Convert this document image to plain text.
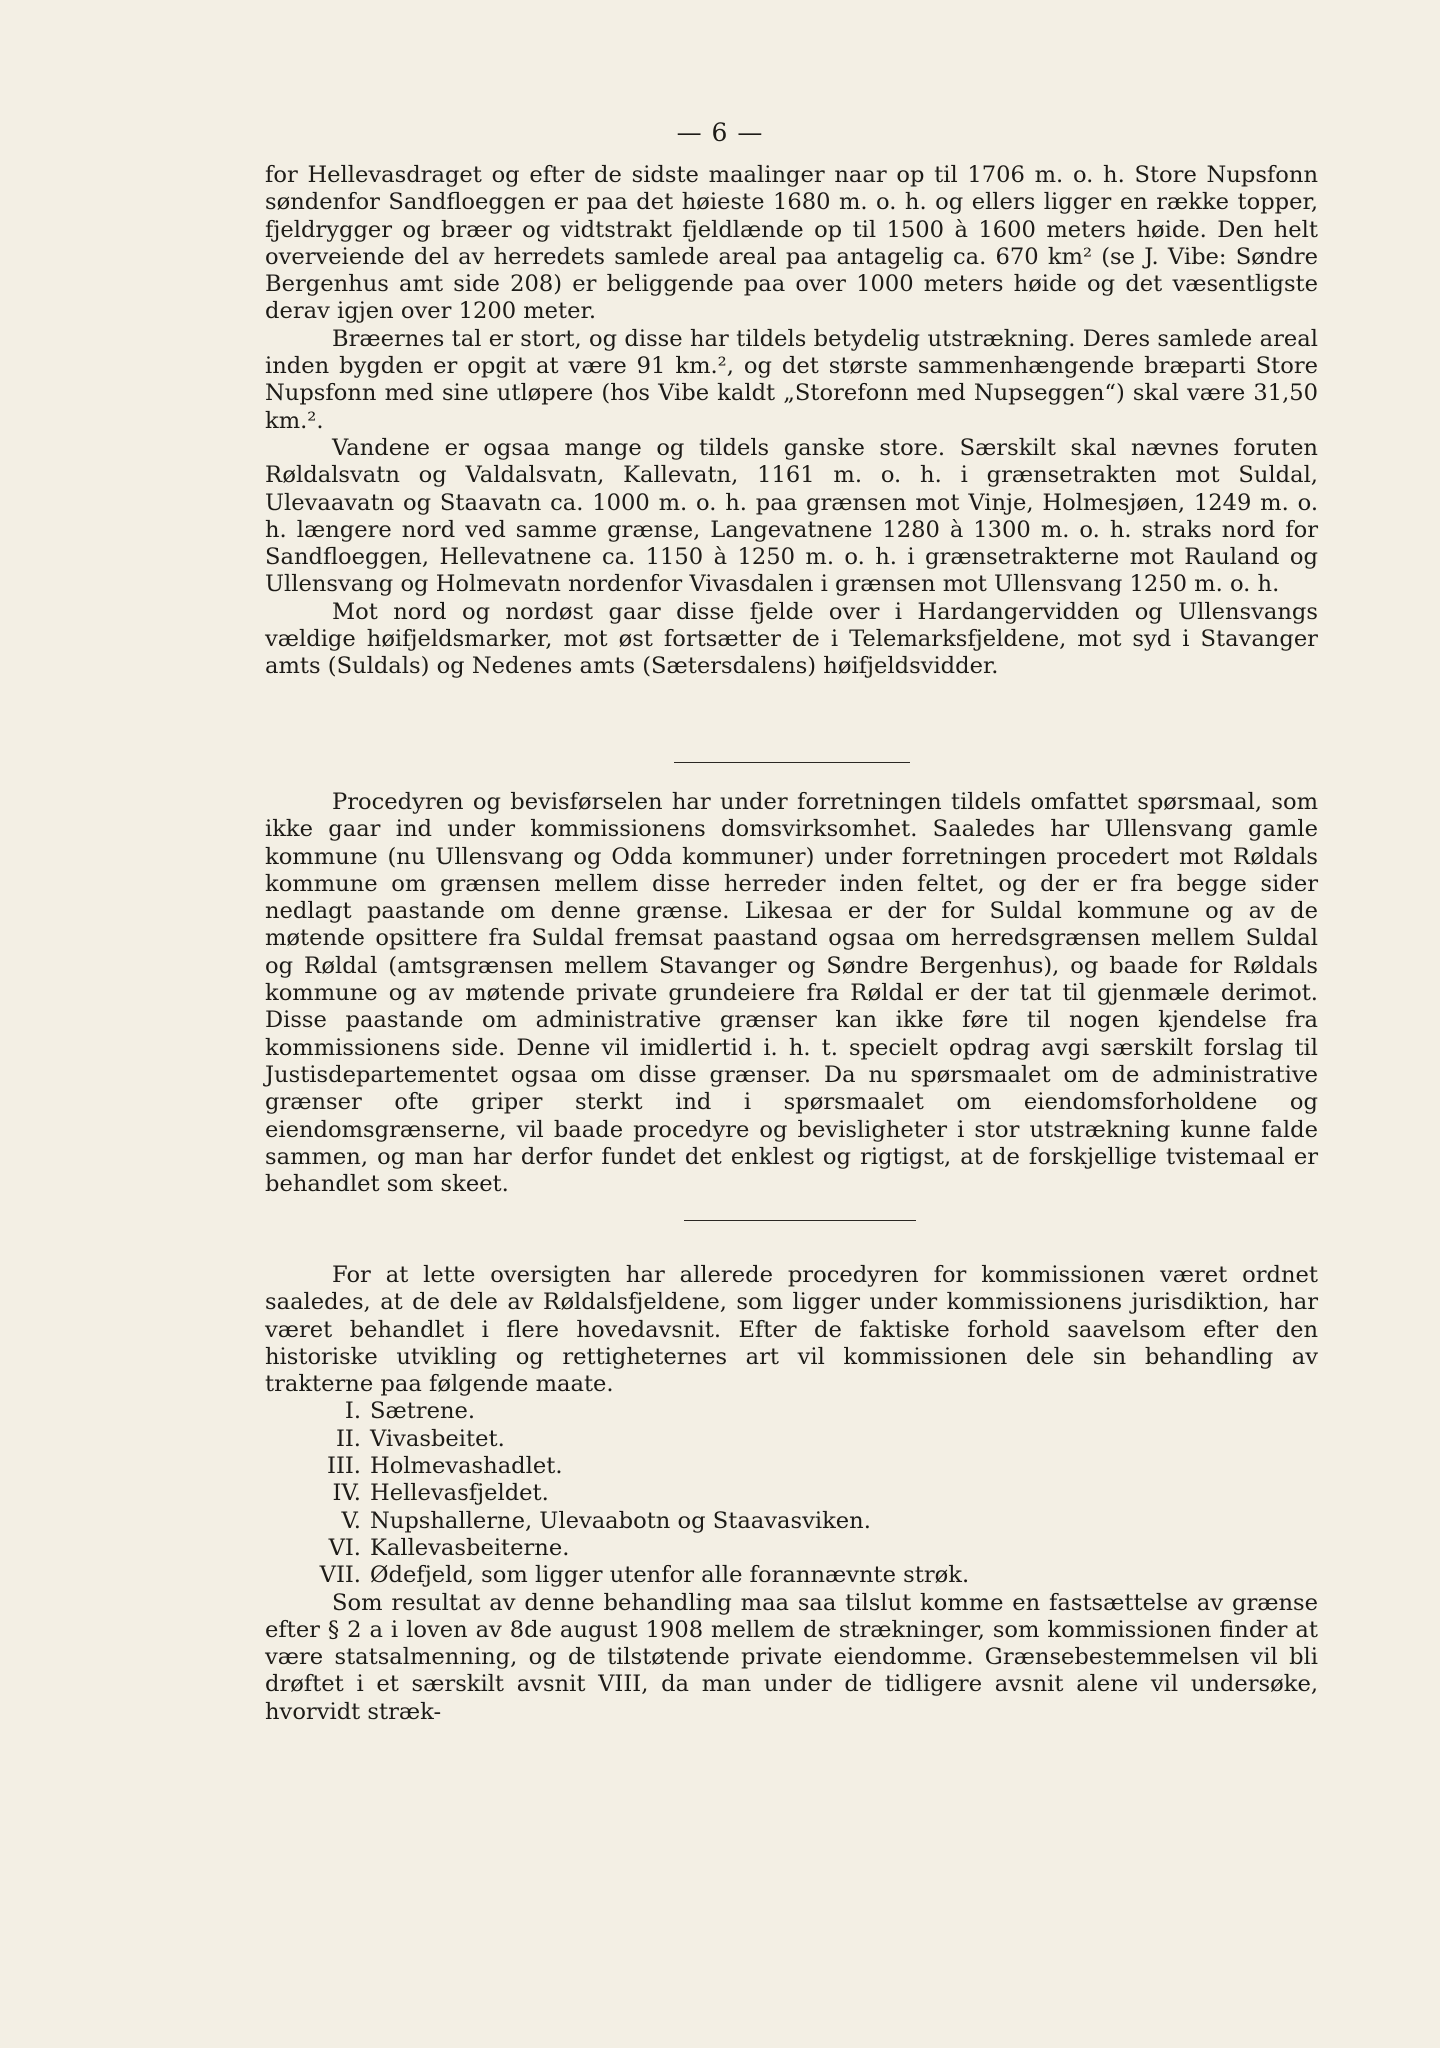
— 6 —

for Hellevasdraget og efter de sidste maalinger naar op til 1706 m. o. h. Store Nupsfonn søndenfor Sandfloeggen er paa det høieste 1680 m. o. h. og ellers ligger en række topper, fjeldrygger og bræer og vidtstrakt fjeldlænde op til 1500 à 1600 meters høide. Den helt overveiende del av herredets samlede areal paa antagelig ca. 670 km² (se J. Vibe: Søndre Bergenhus amt side 208) er beliggende paa over 1000 meters høide og det væsentligste derav igjen over 1200 meter.

Bræernes tal er stort, og disse har tildels betydelig utstrækning. Deres samlede areal inden bygden er opgit at være 91 km.², og det største sammenhængende bræparti Store Nupsfonn med sine utløpere (hos Vibe kaldt „Storefonn med Nupseggen“) skal være 31,50 km.².

Vandene er ogsaa mange og tildels ganske store. Særskilt skal nævnes foruten Røldalsvatn og Valdalsvatn, Kallevatn, 1161 m. o. h. i grænsetrakten mot Suldal, Ulevaavatn og Staavatn ca. 1000 m. o. h. paa grænsen mot Vinje, Holmesjøen, 1249 m. o. h. længere nord ved samme grænse, Langevatnene 1280 à 1300 m. o. h. straks nord for Sandfloeggen, Hellevatnene ca. 1150 à 1250 m. o. h. i grænsetrakterne mot Rauland og Ullensvang og Holmevatn nordenfor Vivasdalen i grænsen mot Ullensvang 1250 m. o. h.

Mot nord og nordøst gaar disse fjelde over i Hardangervidden og Ullensvangs vældige høifjeldsmarker, mot øst fortsætter de i Telemarksfjeldene, mot syd i Stavanger amts (Suldals) og Nedenes amts (Sætersdalens) høifjeldsvidder.

Procedyren og bevisførselen har under forretningen tildels omfattet spørsmaal, som ikke gaar ind under kommissionens domsvirksomhet. Saaledes har Ullensvang gamle kommune (nu Ullensvang og Odda kommuner) under forretningen procedert mot Røldals kommune om grænsen mellem disse herreder inden feltet, og der er fra begge sider nedlagt paastande om denne grænse. Likesaa er der for Suldal kommune og av de møtende opsittere fra Suldal fremsat paastand ogsaa om herredsgrænsen mellem Suldal og Røldal (amtsgrænsen mellem Stavanger og Søndre Bergenhus), og baade for Røldals kommune og av møtende private grundeiere fra Røldal er der tat til gjenmæle derimot. Disse paastande om administrative grænser kan ikke føre til nogen kjendelse fra kommissionens side. Denne vil imidlertid i. h. t. specielt opdrag avgi særskilt forslag til Justisdepartementet ogsaa om disse grænser. Da nu spørsmaalet om de administrative grænser ofte griper sterkt ind i spørsmaalet om eiendomsforholdene og eiendomsgrænserne, vil baade procedyre og bevisligheter i stor utstrækning kunne falde sammen, og man har derfor fundet det enklest og rigtigst, at de forskjellige tvistemaal er behandlet som skeet.

For at lette oversigten har allerede procedyren for kommissionen været ordnet saaledes, at de dele av Røldalsfjeldene, som ligger under kommissionens jurisdiktion, har været behandlet i flere hovedavsnit. Efter de faktiske forhold saavelsom efter den historiske utvikling og rettigheternes art vil kommissionen dele sin behandling av trakterne paa følgende maate.

I. Sætrene.
II. Vivasbeitet.
III. Holmevashadlet.
IV. Hellevasfjeldet.
V. Nupshallerne, Ulevaabotn og Staavasviken.
VI. Kallevasbeiterne.
VII. Ødefjeld, som ligger utenfor alle forannævnte strøk.

Som resultat av denne behandling maa saa tilslut komme en fastsættelse av grænse efter § 2 a i loven av 8de august 1908 mellem de strækninger, som kommissionen finder at være statsalmenning, og de tilstøtende private eiendomme. Grænsebestemmelsen vil bli drøftet i et særskilt avsnit VIII, da man under de tidligere avsnit alene vil undersøke, hvorvidt stræk-
